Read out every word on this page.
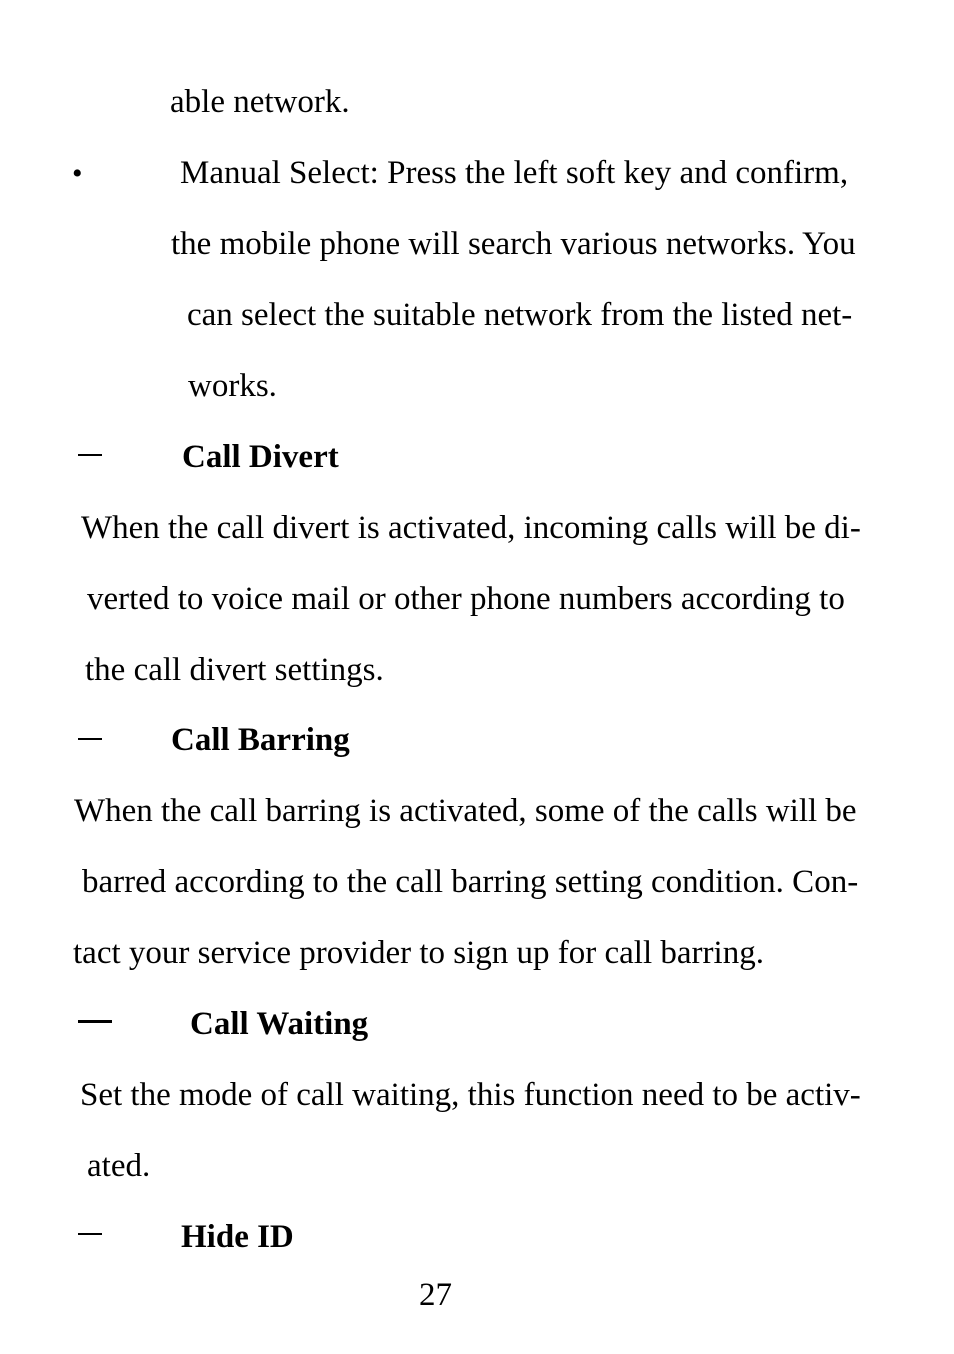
able network.
•	Manual Select: Press the left soft key and confirm,
the mobile phone will search various networks. You
can select the suitable network from the listed net-
works.
Call Divert
When the call divert is activated, incoming calls will be di-
verted to voice mail or other phone numbers according to
the call divert settings.
Call Barring
When the call barring is activated, some of the calls will be
barred according to the call barring setting condition. Con-
tact your service provider to sign up for call barring.
Call Waiting
Set the mode of call waiting, this function need to be activ-
ated.
Hide ID
27
